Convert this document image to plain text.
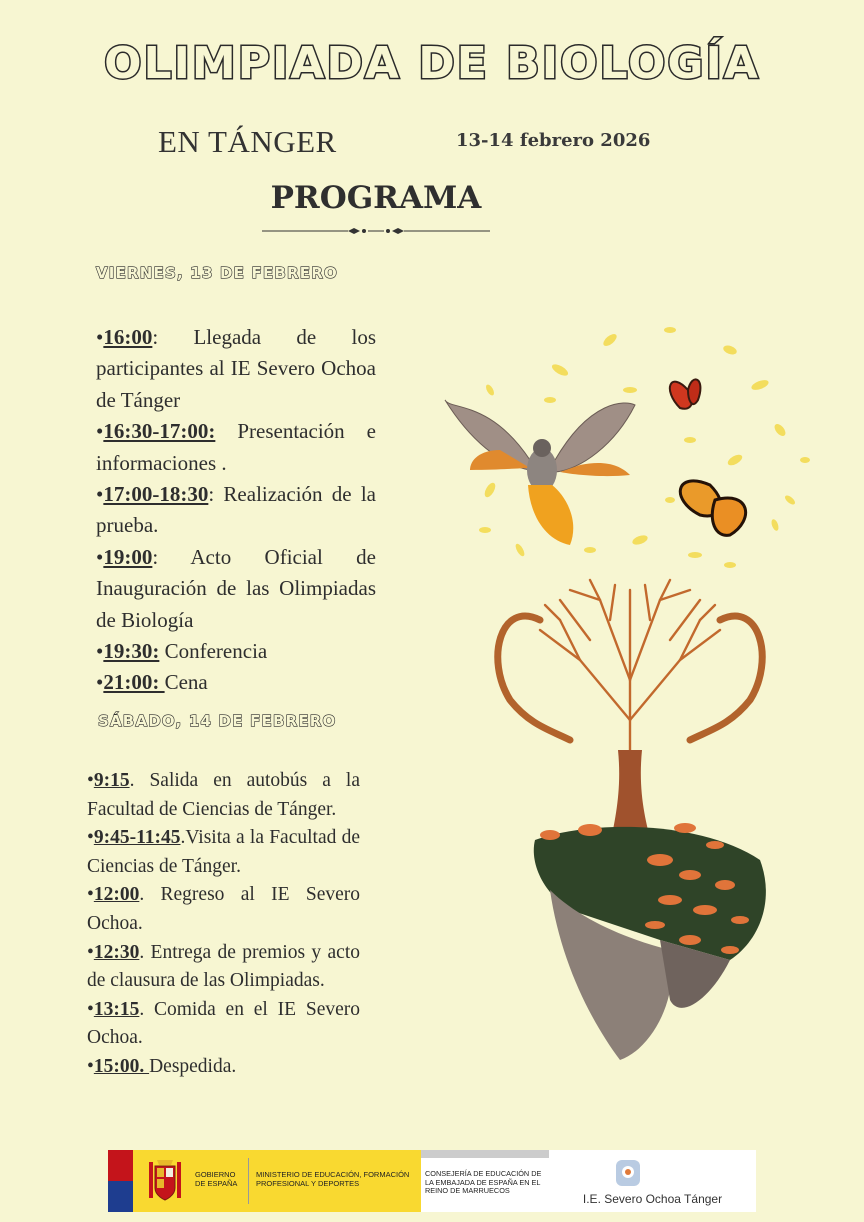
OLIMPIADA DE BIOLOGÍA
EN TÁNGER	13-14 febrero 2026
PROGRAMA
VIERNES, 13 DE FEBRERO

•16:00: Llegada de los participantes al IE Severo Ochoa de Tánger

•16:30-17:00: Presentación e informaciones .

•17:00-18:30: Realización de la prueba.

•19:00: Acto Oficial de Inauguración de las Olimpiadas de Biología

•19:30: Conferencia

•21:00: Cena

SÁBADO, 14 DE FEBRERO

•9:15. Salida en autobús a la Facultad de Ciencias de Tánger.

•9:45-11:45.Visita a la Facultad de Ciencias de Tánger.

•12:00. Regreso al IE Severo Ochoa.

•12:30. Entrega de premios y acto de clausura de las Olimpiadas.

•13:15. Comida en el IE Severo Ochoa.

•15:00. Despedida.

GOBIERNO DE ESPAÑA
MINISTERIO DE EDUCACIÓN, FORMACIÓN PROFESIONAL Y DEPORTES
CONSEJERÍA DE EDUCACIÓN DE LA EMBAJADA DE ESPAÑA EN EL REINO DE MARRUECOS
I.E. Severo Ochoa Tánger
